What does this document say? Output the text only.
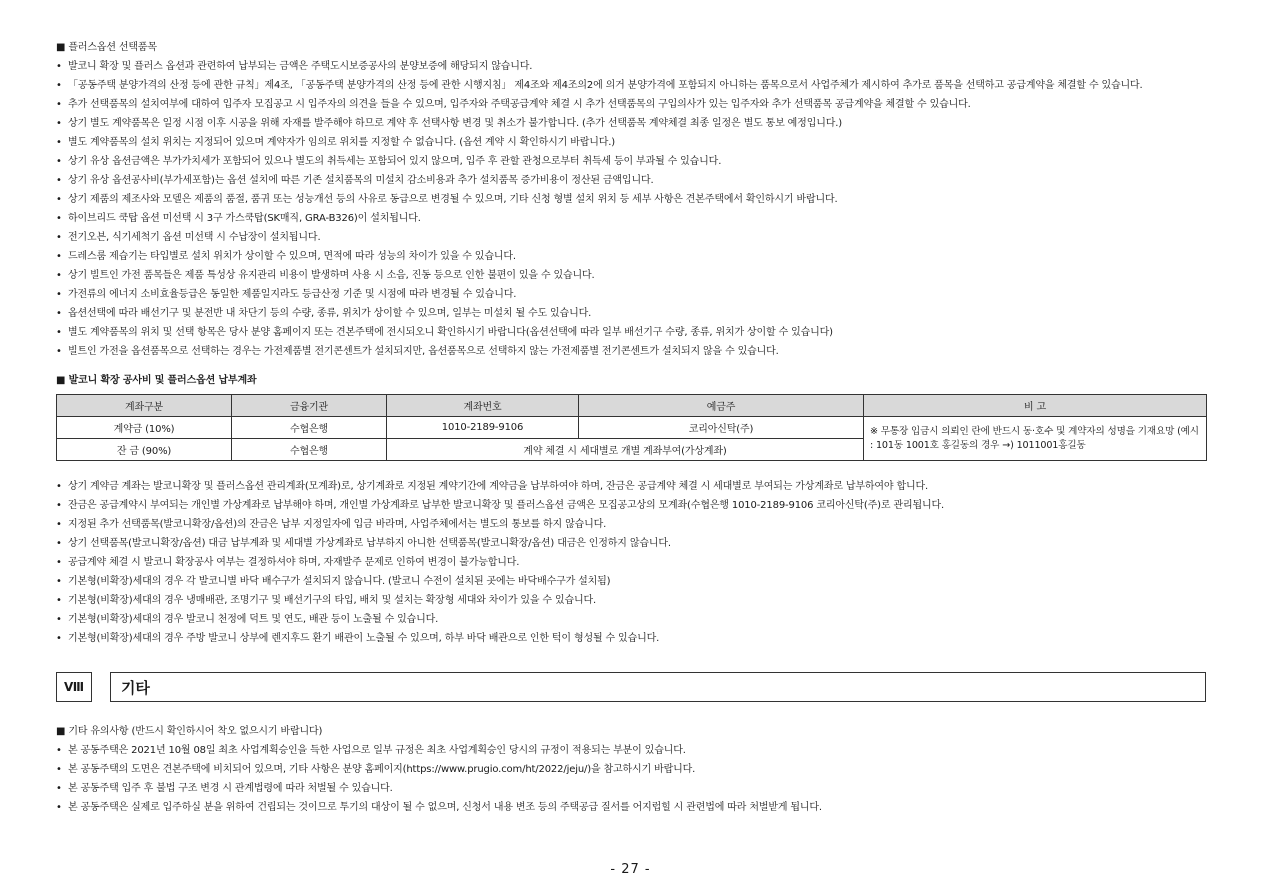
■ 플러스옵션 선택품목
• 발코니 확장 및 플러스 옵션과 관련하여 납부되는 금액은 주택도시보증공사의 분양보증에 해당되지 않습니다.
• 「공동주택 분양가격의 산정 등에 관한 규칙」제4조, 「공동주택 분양가격의 산정 등에 관한 시행지침」 제4조와 제4조의2에 의거 분양가격에 포함되지 아니하는 품목으로서 사업주체가 제시하여 추가로 품목을 선택하고 공급계약을 체결할 수 있습니다.
• 추가 선택품목의 설치여부에 대하여 입주자 모집공고 시 입주자의 의견을 들을 수 있으며, 입주자와 주택공급계약 체결 시 추가 선택품목의 구입의사가 있는 입주자와 추가 선택품목 공급계약을 체결할 수 있습니다.
• 상기 별도 계약품목은 일정 시점 이후 시공을 위해 자재를 발주해야 하므로 계약 후 선택사항 변경 및 취소가 불가합니다. (추가 선택품목 계약체결 최종 일정은 별도 통보 예정입니다.)
• 별도 계약품목의 설치 위치는 지정되어 있으며 계약자가 임의로 위치를 지정할 수 없습니다. (옵션 계약 시 확인하시기 바랍니다.)
• 상기 유상 옵션금액은 부가가치세가 포함되어 있으나 별도의 취득세는 포함되어 있지 않으며, 입주 후 관할 관청으로부터 취득세 등이 부과될 수 있습니다.
• 상기 유상 옵션공사비(부가세포함)는 옵션 설치에 따른 기존 설치품목의 미설치 감소비용과 추가 설치품목 증가비용이 정산된 금액입니다.
• 상기 제품의 제조사와 모델은 제품의 품절, 품귀 또는 성능개선 등의 사유로 동급으로 변경될 수 있으며, 기타 신청 형별 설치 위치 등 세부 사항은 견본주택에서 확인하시기 바랍니다.
• 하이브리드 쿡탑 옵션 미선택 시 3구 가스쿡탑(SK매직, GRA-B326)이 설치됩니다.
• 전기오븐, 식기세척기 옵션 미선택 시 수납장이 설치됩니다.
• 드레스룸 제습기는 타입별로 설치 위치가 상이할 수 있으며, 면적에 따라 성능의 차이가 있을 수 있습니다.
• 상기 빌트인 가전 품목들은 제품 특성상 유지관리 비용이 발생하며 사용 시 소음, 진동 등으로 인한 불편이 있을 수 있습니다.
• 가전류의 에너지 소비효율등급은 동일한 제품일지라도 등급산정 기준 및 시점에 따라 변경될 수 있습니다.
• 옵션선택에 따라 배선기구 및 분전반 내 차단기 등의 수량, 종류, 위치가 상이할 수 있으며, 일부는 미설치 될 수도 있습니다.
• 별도 계약품목의 위치 및 선택 항목은 당사 분양 홈페이지 또는 견본주택에 전시되오니 확인하시기 바랍니다(옵션선택에 따라 일부 배선기구 수량, 종류, 위치가 상이할 수 있습니다)
• 빌트인 가전을 옵션품목으로 선택하는 경우는 가전제품별 전기콘센트가 설치되지만, 옵션품목으로 선택하지 않는 가전제품별 전기콘센트가 설치되지 않을 수 있습니다.
■ 발코니 확장 공사비 및 플러스옵션 납부계좌
계좌구분	금융기관	계좌번호	예금주	비 고
계약금 (10%)	수협은행	1010-2189-9106	코리아신탁(주)	※ 무통장 입금시 의뢰인 란에 반드시 동·호수 및 계약자의 성명을 기재요망 (예시 : 101동 1001호 홍길동의 경우 →) 1011001홍길동
잔 금 (90%)	수협은행	계약 체결 시 세대별로 개별 계좌부여(가상계좌)		
• 상기 계약금 계좌는 발코니확장 및 플러스옵션 관리계좌(모계좌)로, 상기계좌로 지정된 계약기간에 계약금을 납부하여야 하며, 잔금은 공급계약 체결 시 세대별로 부여되는 가상계좌로 납부하여야 합니다.
• 잔금은 공급계약시 부여되는 개인별 가상계좌로 납부해야 하며, 개인별 가상계좌로 납부한 발코니확장 및 플러스옵션 금액은 모집공고상의 모계좌(수협은행 1010-2189-9106 코리아신탁(주)로 관리됩니다.
• 지정된 추가 선택품목(발코니확장/옵션)의 잔금은 납부 지정일자에 입금 바라며, 사업주체에서는 별도의 통보를 하지 않습니다.
• 상기 선택품목(발코니확장/옵션) 대금 납부계좌 및 세대별 가상계좌로 납부하지 아니한 선택품목(발코니확장/옵션) 대금은 인정하지 않습니다.
• 공급계약 체결 시 발코니 확장공사 여부는 결정하셔야 하며, 자재발주 문제로 인하여 변경이 불가능합니다.
• 기본형(비확장)세대의 경우 각 발코니별 바닥 배수구가 설치되지 않습니다. (발코니 수전이 설치된 곳에는 바닥배수구가 설치됨)
• 기본형(비확장)세대의 경우 냉매배관, 조명기구 및 배선기구의 타입, 배치 및 설치는 확장형 세대와 차이가 있을 수 있습니다.
• 기본형(비확장)세대의 경우 발코니 천정에 덕트 및 연도, 배관 등이 노출될 수 있습니다.
• 기본형(비확장)세대의 경우 주방 발코니 상부에 렌지후드 환기 배관이 노출될 수 있으며, 하부 바닥 배관으로 인한 턱이 형성될 수 있습니다.
Ⅷ	기타
■ 기타 유의사항 (반드시 확인하시어 착오 없으시기 바랍니다)
• 본 공동주택은 2021년 10월 08일 최초 사업계획승인을 득한 사업으로 일부 규정은 최초 사업계획승인 당시의 규정이 적용되는 부분이 있습니다.
• 본 공동주택의 도면은 견본주택에 비치되어 있으며, 기타 사항은 분양 홈페이지(https://www.prugio.com/ht/2022/jeju/)을 참고하시기 바랍니다.
• 본 공동주택 입주 후 불법 구조 변경 시 관계법령에 따라 처벌될 수 있습니다.
• 본 공동주택은 실제로 입주하실 분을 위하여 건립되는 것이므로 투기의 대상이 될 수 없으며, 신청서 내용 변조 등의 주택공급 질서를 어지럽힐 시 관련법에 따라 처벌받게 됩니다.
- 27 -
